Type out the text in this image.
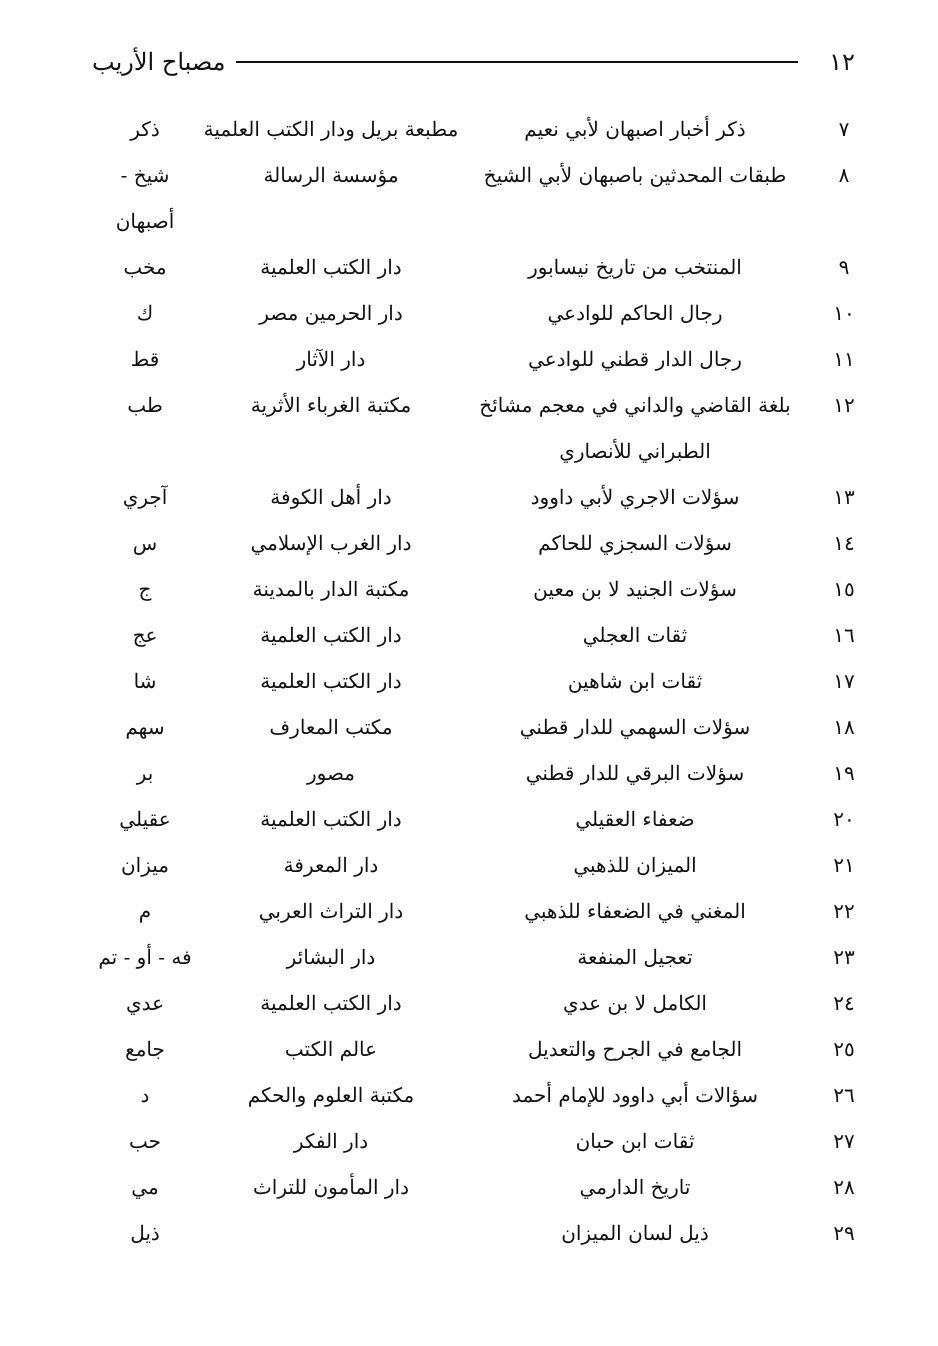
١٢
مصباح الأريب
٧
ذكر أخبار اصبهان لأبي نعيم
مطبعة بريل ودار الكتب العلمية
ذكر
٨
طبقات المحدثين باصبهان لأبي الشيخ
مؤسسة الرسالة
شيخ - أصبهان
٩
المنتخب من تاريخ نيسابور
دار الكتب العلمية
مخب
١٠
رجال الحاكم للوادعي
دار الحرمين مصر
ك
١١
رجال الدار قطني للوادعي
دار الآثار
قط
١٢
بلغة القاضي والداني في معجم مشائخ الطبراني للأنصاري
مكتبة الغرباء الأثرية
طب
١٣
سؤلات الاجري لأبي داوود
دار أهل الكوفة
آجري
١٤
سؤلات السجزي للحاكم
دار الغرب الإسلامي
س
١٥
سؤلات الجنيد لا بن معين
مكتبة الدار بالمدينة
ج
١٦
ثقات العجلي
دار الكتب العلمية
عج
١٧
ثقات ابن شاهين
دار الكتب العلمية
شا
١٨
سؤلات السهمي للدار قطني
مكتب المعارف
سهم
١٩
سؤلات البرقي للدار قطني
مصور
بر
٢٠
ضعفاء العقيلي
دار الكتب العلمية
عقيلي
٢١
الميزان للذهبي
دار المعرفة
ميزان
٢٢
المغني في الضعفاء للذهبي
دار التراث العربي
م
٢٣
تعجيل المنفعة
دار البشائر
فه - أو - تم
٢٤
الكامل لا بن عدي
دار الكتب العلمية
عدي
٢٥
الجامع في الجرح والتعديل
عالم الكتب
جامع
٢٦
سؤالات أبي داوود للإمام أحمد
مكتبة العلوم والحكم
د
٢٧
ثقات ابن حبان
دار الفكر
حب
٢٨
تاريخ الدارمي
دار المأمون للتراث
مي
٢٩
ذيل لسان الميزان
ذيل
